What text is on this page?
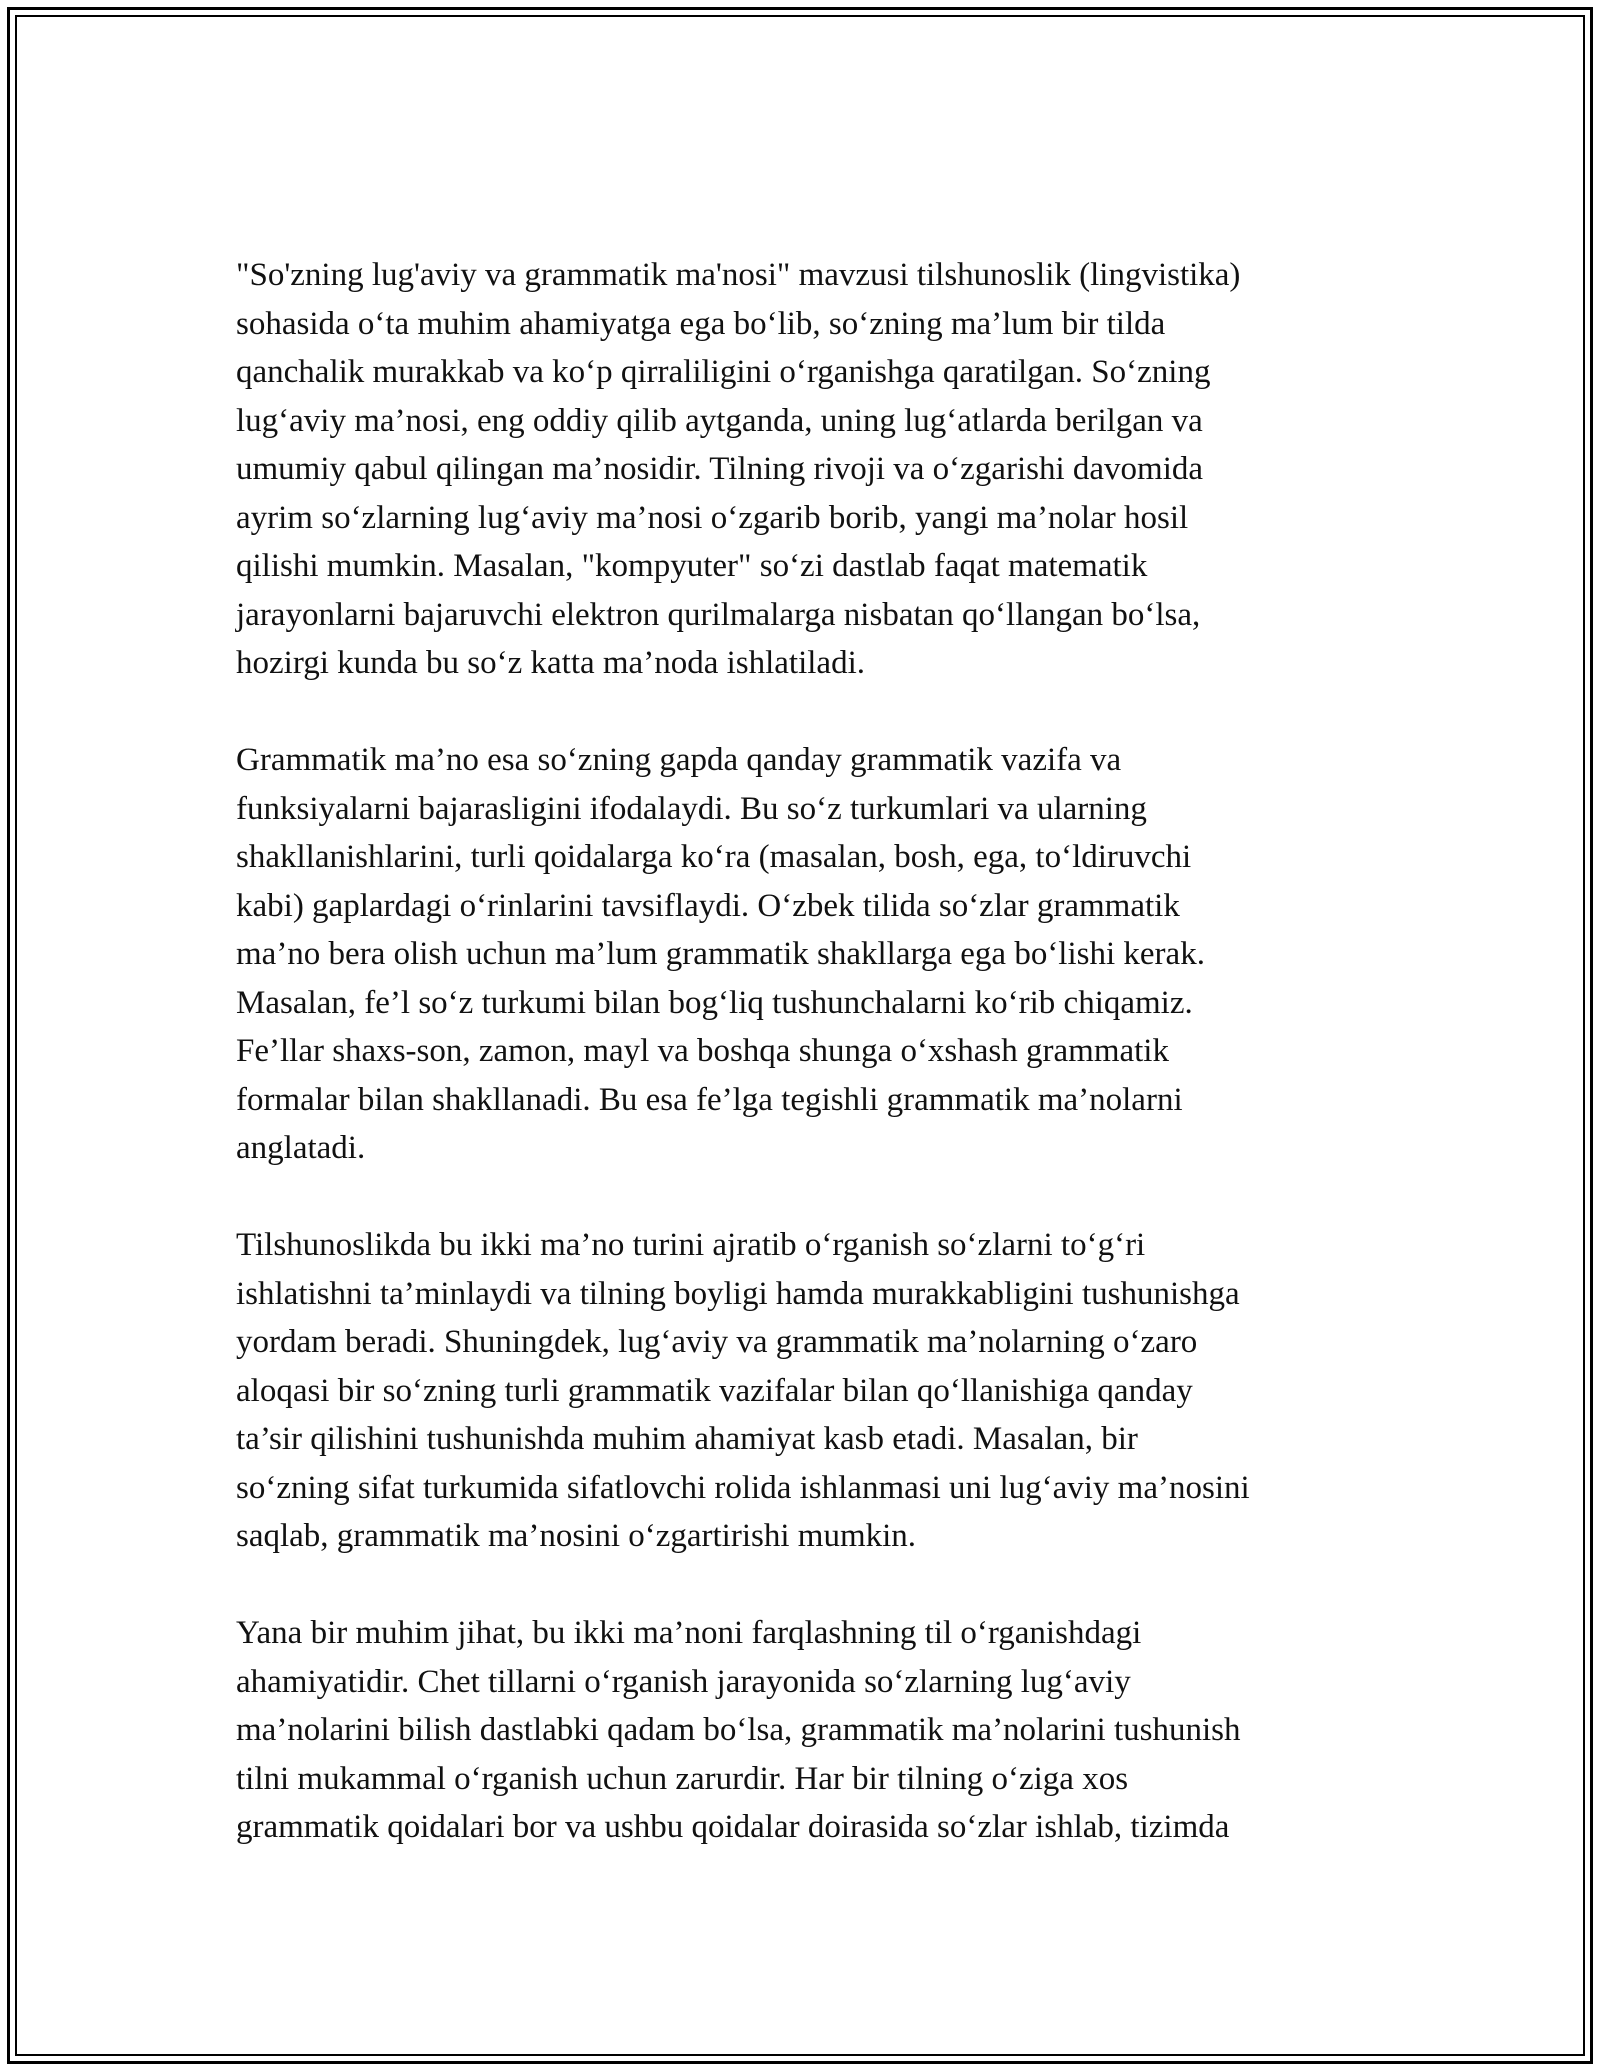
"So'zning lug'aviy va grammatik ma'nosi" mavzusi tilshunoslik (lingvistika)
sohasida o‘ta muhim ahamiyatga ega bo‘lib, so‘zning ma’lum bir tilda
qanchalik murakkab va ko‘p qirraliligini o‘rganishga qaratilgan. So‘zning
lug‘aviy ma’nosi, eng oddiy qilib aytganda, uning lug‘atlarda berilgan va
umumiy qabul qilingan ma’nosidir. Tilning rivoji va o‘zgarishi davomida
ayrim so‘zlarning lug‘aviy ma’nosi o‘zgarib borib, yangi ma’nolar hosil
qilishi mumkin. Masalan, "kompyuter" so‘zi dastlab faqat matematik
jarayonlarni bajaruvchi elektron qurilmalarga nisbatan qo‘llangan bo‘lsa,
hozirgi kunda bu so‘z katta ma’noda ishlatiladi.

Grammatik ma’no esa so‘zning gapda qanday grammatik vazifa va
funksiyalarni bajarasligini ifodalaydi. Bu so‘z turkumlari va ularning
shakllanishlarini, turli qoidalarga ko‘ra (masalan, bosh, ega, to‘ldiruvchi
kabi) gaplardagi o‘rinlarini tavsiflaydi. O‘zbek tilida so‘zlar grammatik
ma’no bera olish uchun ma’lum grammatik shakllarga ega bo‘lishi kerak.
Masalan, fe’l so‘z turkumi bilan bog‘liq tushunchalarni ko‘rib chiqamiz.
Fe’llar shaxs-son, zamon, mayl va boshqa shunga o‘xshash grammatik
formalar bilan shakllanadi. Bu esa fe’lga tegishli grammatik ma’nolarni
anglatadi.

Tilshunoslikda bu ikki ma’no turini ajratib o‘rganish so‘zlarni to‘g‘ri
ishlatishni ta’minlaydi va tilning boyligi hamda murakkabligini tushunishga
yordam beradi. Shuningdek, lug‘aviy va grammatik ma’nolarning o‘zaro
aloqasi bir so‘zning turli grammatik vazifalar bilan qo‘llanishiga qanday
ta’sir qilishini tushunishda muhim ahamiyat kasb etadi. Masalan, bir
so‘zning sifat turkumida sifatlovchi rolida ishlanmasi uni lug‘aviy ma’nosini
saqlab, grammatik ma’nosini o‘zgartirishi mumkin.

Yana bir muhim jihat, bu ikki ma’noni farqlashning til o‘rganishdagi
ahamiyatidir. Chet tillarni o‘rganish jarayonida so‘zlarning lug‘aviy
ma’nolarini bilish dastlabki qadam bo‘lsa, grammatik ma’nolarini tushunish
tilni mukammal o‘rganish uchun zarurdir. Har bir tilning o‘ziga xos
grammatik qoidalari bor va ushbu qoidalar doirasida so‘zlar ishlab, tizimda
